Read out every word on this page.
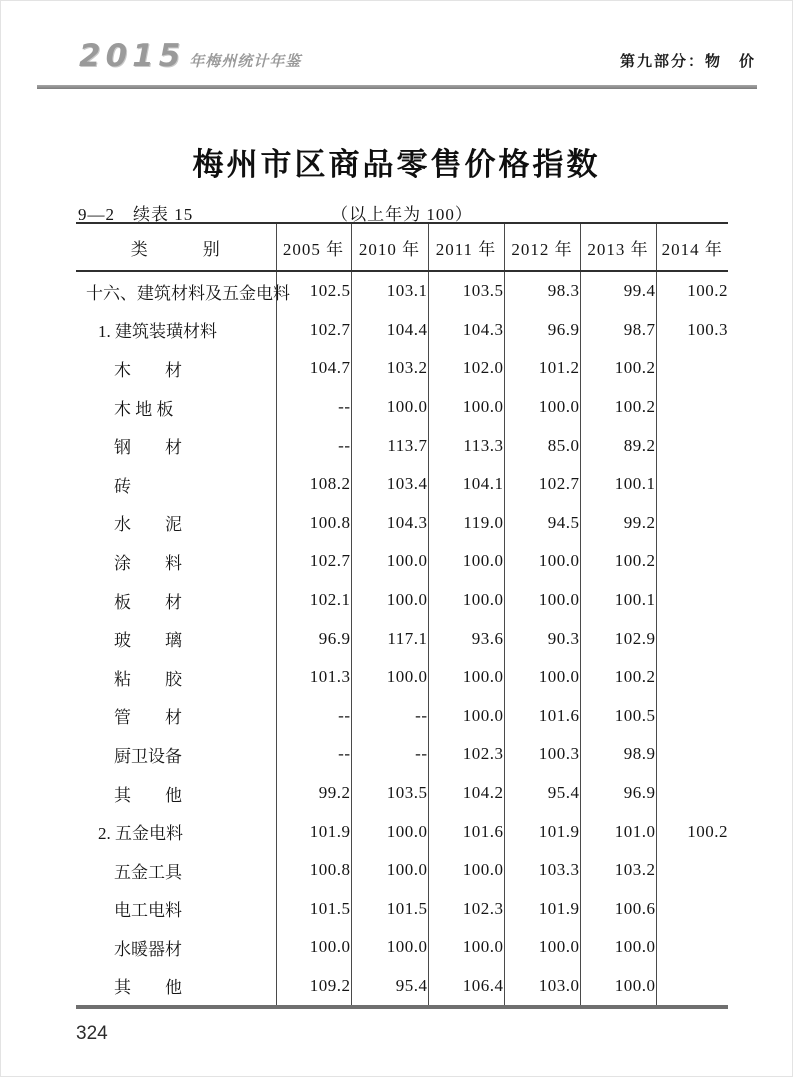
2015 年梅州统计年鉴	第九部分：物　价
梅州市区商品零售价格指数
（以上年为 100）
9—2　续表 15
类　　　别	2005 年	2010 年	2011 年	2012 年	2013 年	2014 年
十六、建筑材料及五金电料	102.5	103.1	103.5	98.3	99.4	100.2
1. 建筑装璜材料	102.7	104.4	104.3	96.9	98.7	100.3
木　　材	104.7	103.2	102.0	101.2	100.2	
木 地 板	--	100.0	100.0	100.0	100.2	
钢　　材	--	113.7	113.3	85.0	89.2	
砖	108.2	103.4	104.1	102.7	100.1	
水　　泥	100.8	104.3	119.0	94.5	99.2	
涂　　料	102.7	100.0	100.0	100.0	100.2	
板　　材	102.1	100.0	100.0	100.0	100.1	
玻　　璃	96.9	117.1	93.6	90.3	102.9	
粘　　胶	101.3	100.0	100.0	100.0	100.2	
管　　材	--	--	100.0	101.6	100.5	
厨卫设备	--	--	102.3	100.3	98.9	
其　　他	99.2	103.5	104.2	95.4	96.9	
2. 五金电料	101.9	100.0	101.6	101.9	101.0	100.2
五金工具	100.8	100.0	100.0	103.3	103.2	
电工电料	101.5	101.5	102.3	101.9	100.6	
水暖器材	100.0	100.0	100.0	100.0	100.0	
其　　他	109.2	95.4	106.4	103.0	100.0	
324
